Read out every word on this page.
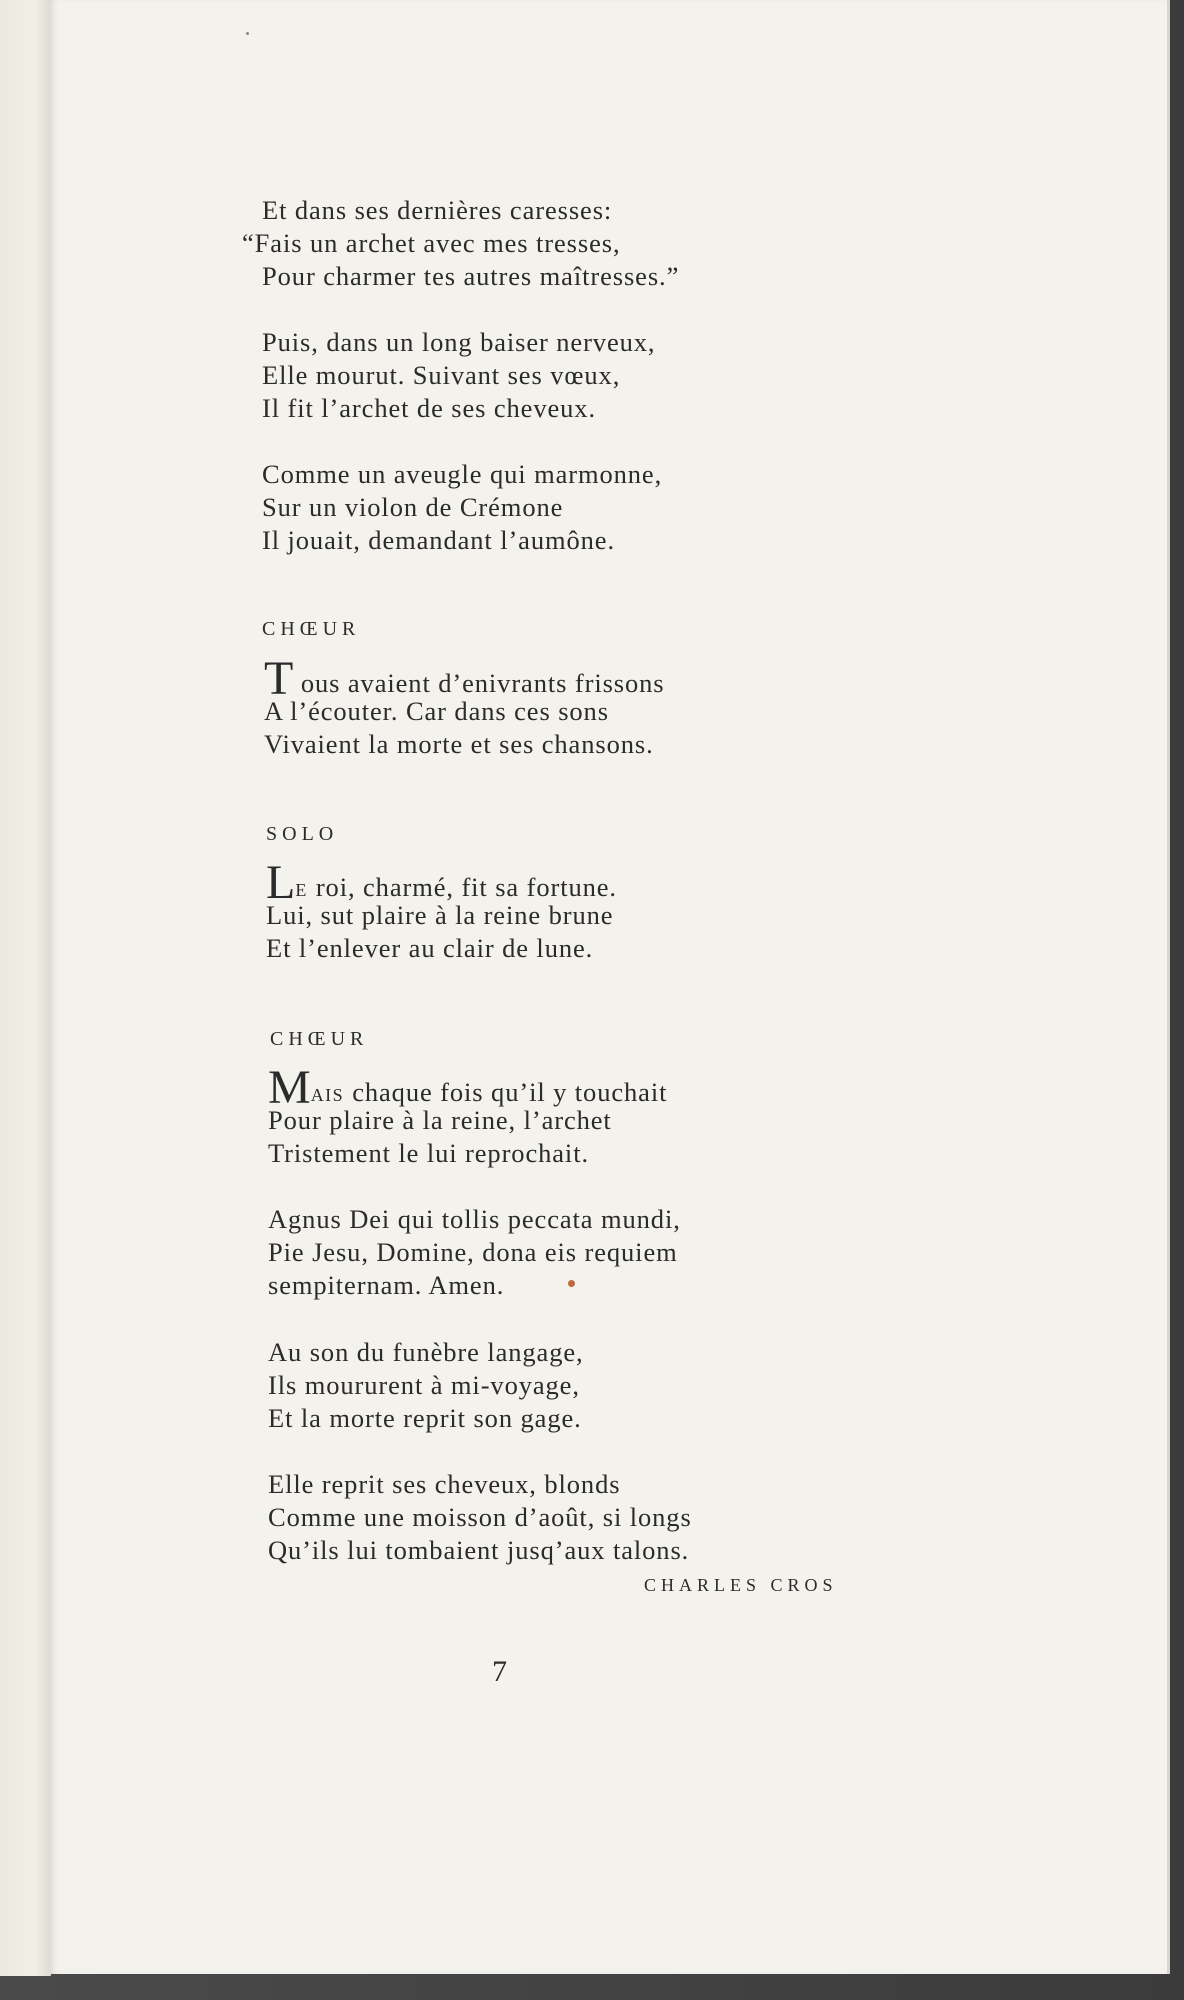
Et dans ses dernières caresses:
“Fais un archet avec mes tresses,
Pour charmer tes autres maîtresses.”
Puis, dans un long baiser nerveux,
Elle mourut. Suivant ses vœux,
Il fit l’archet de ses cheveux.
Comme un aveugle qui marmonne,
Sur un violon de Crémone
Il jouait, demandant l’aumône.
CHŒUR
T ous avaient d’enivrants frissons
A l’écouter. Car dans ces sons
Vivaient la morte et ses chansons.
SOLO
LE roi, charmé, fit sa fortune.
Lui, sut plaire à la reine brune
Et l’enlever au clair de lune.
CHŒUR
MAIS chaque fois qu’il y touchait
Pour plaire à la reine, l’archet
Tristement le lui reprochait.
Agnus Dei qui tollis peccata mundi,
Pie Jesu, Domine, dona eis requiem
sempiternam. Amen.
Au son du funèbre langage,
Ils moururent à mi-voyage,
Et la morte reprit son gage.
Elle reprit ses cheveux, blonds
Comme une moisson d’août, si longs
Qu’ils lui tombaient jusq’aux talons.
CHARLES CROS
7
